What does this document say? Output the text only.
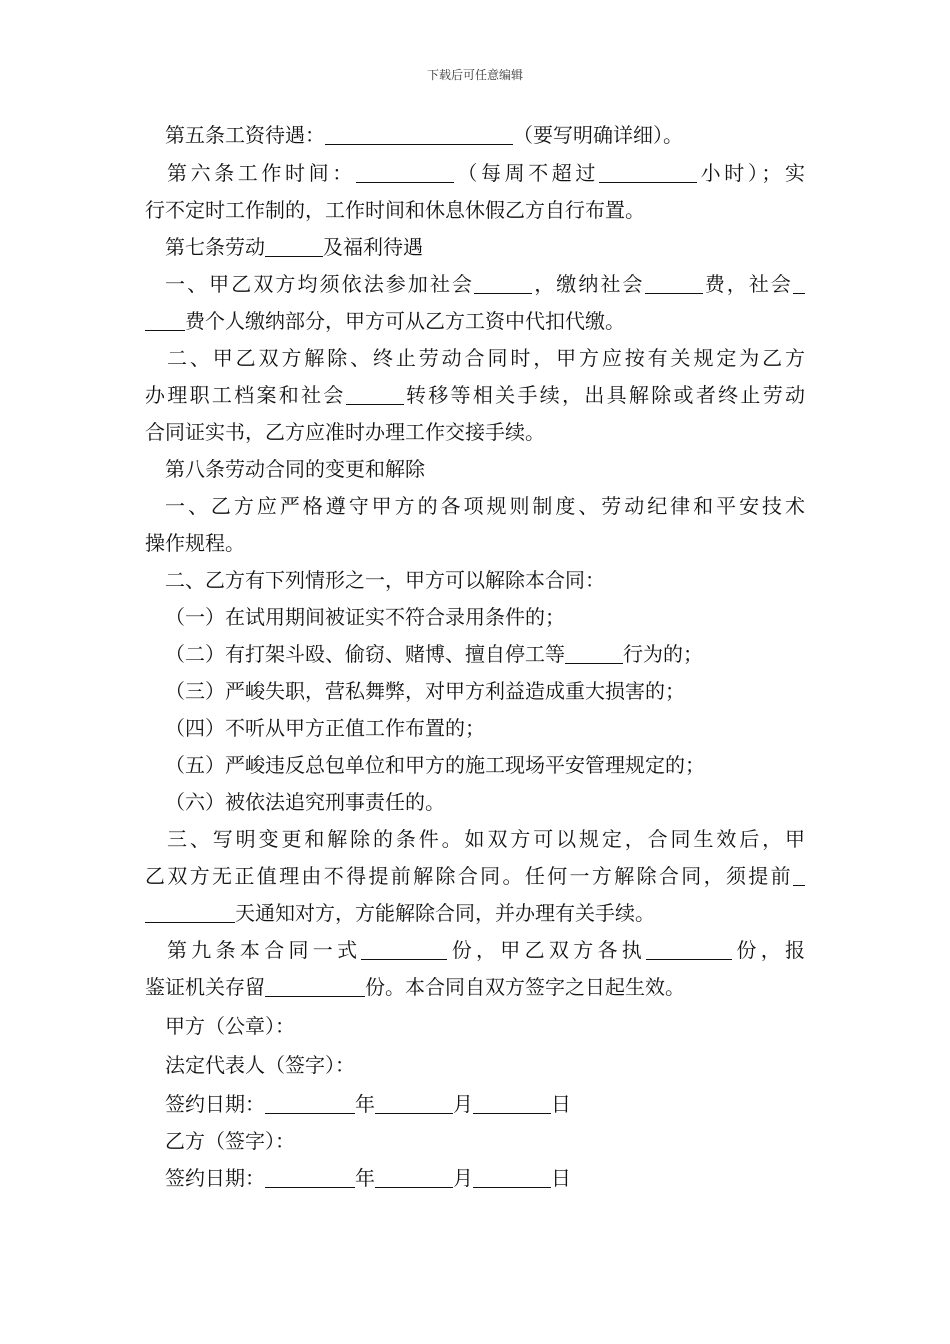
下载后可任意编辑
第五条工资待遇：	（要写明确详细）。
第六条工作时间：	（每周不超过	小时）；实
行不定时工作制的，工作时间和休息休假乙方自行布置。
第七条劳动	及福利待遇
一、甲乙双方均须依法参加社会	，缴纳社会	费，社会
费个人缴纳部分，甲方可从乙方工资中代扣代缴。
二、甲乙双方解除、终止劳动合同时，甲方应按有关规定为乙方
办理职工档案和社会	转移等相关手续，出具解除或者终止劳动
合同证实书，乙方应准时办理工作交接手续。
第八条劳动合同的变更和解除
一、乙方应严格遵守甲方的各项规则制度、劳动纪律和平安技术
操作规程。
二、乙方有下列情形之一，甲方可以解除本合同：
（一）在试用期间被证实不符合录用条件的；
（二）有打架斗殴、偷窃、赌博、擅自停工等	行为的；
（三）严峻失职，营私舞弊，对甲方利益造成重大损害的；
（四）不听从甲方正值工作布置的；
（五）严峻违反总包单位和甲方的施工现场平安管理规定的；
（六）被依法追究刑事责任的。
三、写明变更和解除的条件。如双方可以规定，合同生效后，甲
乙双方无正值理由不得提前解除合同。任何一方解除合同，须提前
天通知对方，方能解除合同，并办理有关手续。
第九条本合同一式	份，甲乙双方各执	份，报
鉴证机关存留	份。本合同自双方签字之日起生效。
甲方（公章）：
法定代表人（签字）：
签约日期：	年	月	日
乙方（签字）：
签约日期：	年	月	日
